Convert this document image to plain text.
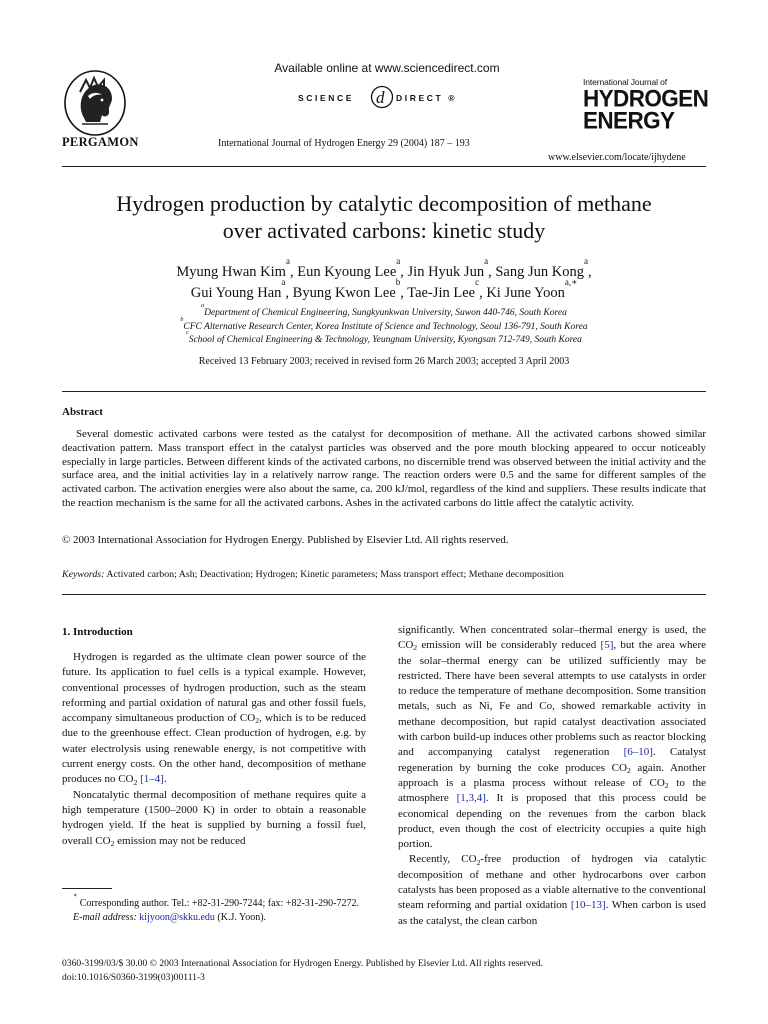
PERGAMON
Available online at www.sciencedirect.com
SCIENCE d DIRECT ®
International Journal of Hydrogen Energy 29 (2004) 187 – 193
International Journal of
HYDROGEN
ENERGY
www.elsevier.com/locate/ijhydene
Hydrogen production by catalytic decomposition of methane
over activated carbons: kinetic study
Myung Hwan Kim$^a$, Eun Kyoung Lee$^a$, Jin Hyuk Jun$^a$, Sang Jun Kong$^a$,
Gui Young Han$^a$, Byung Kwon Lee$^b$, Tae-Jin Lee$^c$, Ki June Yoon$^{a,∗}$
$^a$Department of Chemical Engineering, Sungkyunkwan University, Suwon 440-746, South Korea
$^b$CFC Alternative Research Center, Korea Institute of Science and Technology, Seoul 136-791, South Korea
$^c$School of Chemical Engineering & Technology, Yeungnam University, Kyongsan 712-749, South Korea
Received 13 February 2003; received in revised form 26 March 2003; accepted 3 April 2003
Abstract

Several domestic activated carbons were tested as the catalyst for decomposition of methane. All the activated carbons showed similar deactivation pattern. Mass transport effect in the catalyst particles was observed and the pore mouth blocking appeared to occur noticeably especially in large particles. Between different kinds of the activated carbons, no discernible trend was observed between the initial activity and the surface area, and the initial activities lay in a relatively narrow range. The reaction orders were 0.5 and the same for different samples of the activated carbon. The activation energies were also about the same, ca. 200 kJ/mol, regardless of the kind and suppliers. These results indicate that the reaction mechanism is the same for all the activated carbons. Ashes in the activated carbons do little affect the catalytic activity.

© 2003 International Association for Hydrogen Energy. Published by Elsevier Ltd. All rights reserved.
Keywords: Activated carbon; Ash; Deactivation; Hydrogen; Kinetic parameters; Mass transport effect; Methane decomposition
1. Introduction

Hydrogen is regarded as the ultimate clean power source of the future. Its application to fuel cells is a typical example. However, conventional processes of hydrogen production, such as the steam reforming and partial oxidation of natural gas and other fossil fuels, accompany simultaneous production of $CO_2$, which is to be reduced due to the greenhouse effect. Clean production of hydrogen, e.g. by water electrolysis using renewable energy, is not competitive with current energy costs. On the other hand, decomposition of methane produces no $CO_2$ [1–4].

Noncatalytic thermal decomposition of methane requires quite a high temperature (1500–2000 K) in order to obtain a reasonable hydrogen yield. If the heat is supplied by burning a fossil fuel, overall $CO_2$ emission may not be reduced

significantly. When concentrated solar–thermal energy is used, the $CO_2$ emission will be considerably reduced [5], but the area where the solar–thermal energy can be utilized sufficiently may be restricted. There have been several attempts to use catalysts in order to reduce the temperature of methane decomposition. Some transition metals, such as Ni, Fe and Co, showed remarkable activity in methane decomposition, but rapid catalyst deactivation associated with carbon build-up induces other problems such as reactor blocking and accompanying catalyst regeneration [6–10]. Catalyst regeneration by burning the coke produces $CO_2$ again. Another approach is a plasma process without release of $CO_2$ to the atmosphere [1,3,4]. It is proposed that this process could be economical depending on the revenues from the carbon black product, even though the cost of electricity occupies a quite high portion.

Recently, $CO_2$-free production of hydrogen via catalytic decomposition of methane and other hydrocarbons over carbon catalysts has been proposed as a viable alternative to the conventional steam reforming and partial oxidation [10–13]. When carbon is used as the catalyst, the clean carbon

∗ Corresponding author. Tel.: +82-31-290-7244; fax: +82-31-290-7272.

E-mail address: kijyoon@skku.edu (K.J. Yoon).

0360-3199/03/$ 30.00 © 2003 International Association for Hydrogen Energy. Published by Elsevier Ltd. All rights reserved.
doi:10.1016/S0360-3199(03)00111-3
